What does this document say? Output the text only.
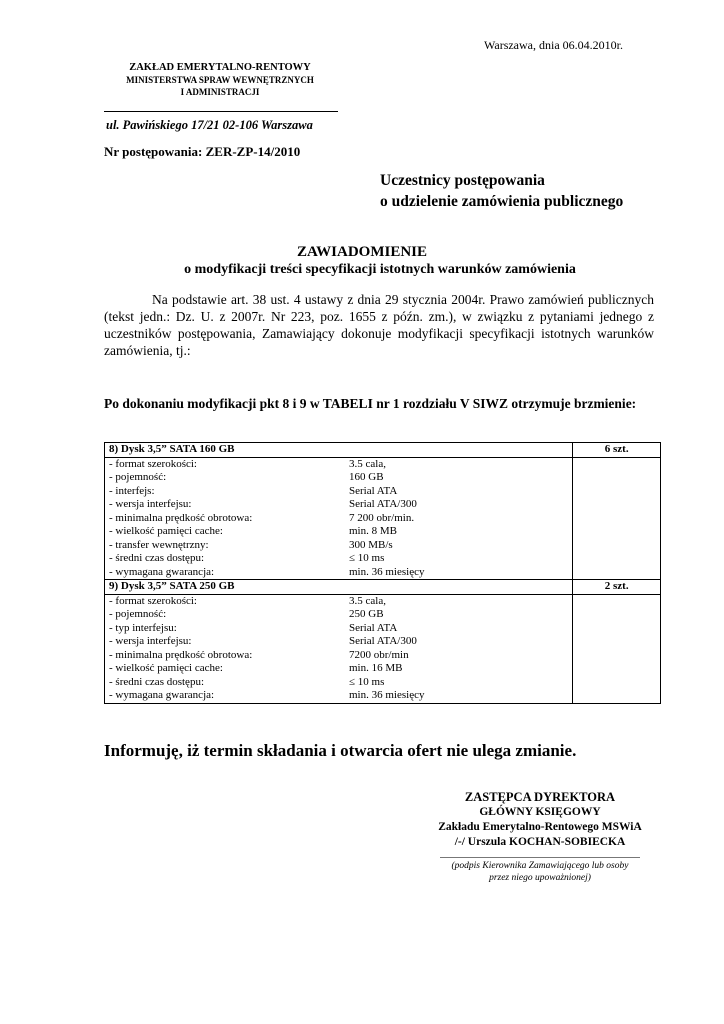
Warszawa, dnia 06.04.2010r.
ZAKŁAD EMERYTALNO-RENTOWY
MINISTERSTWA SPRAW WEWNĘTRZNYCH
I ADMINISTRACJI
ul. Pawińskiego 17/21 02-106 Warszawa
Nr postępowania: ZER-ZP-14/2010
Uczestnicy postępowania
o udzielenie zamówienia publicznego
ZAWIADOMIENIE
o modyfikacji treści specyfikacji istotnych warunków zamówienia
Na podstawie art. 38 ust. 4 ustawy z dnia 29 stycznia 2004r. Prawo zamówień publicznych (tekst jedn.: Dz. U. z 2007r. Nr 223, poz. 1655 z późn. zm.), w związku z pytaniami jednego z uczestników postępowania, Zamawiający dokonuje modyfikacji specyfikacji istotnych warunków zamówienia, tj.:
Po dokonaniu modyfikacji pkt 8 i 9 w TABELI nr 1 rozdziału V SIWZ otrzymuje brzmienie:
8) Dysk 3,5” SATA 160 GB	6 szt.
- format szerokości: 3.5 cala,	
- pojemność: 160 GB	
- interfejs: Serial ATA	
- wersja interfejsu: Serial ATA/300	
- minimalna prędkość obrotowa: 7 200 obr/min.	
- wielkość pamięci cache: min. 8 MB	
- transfer wewnętrzny: 300 MB/s	
- średni czas dostępu: ≤ 10 ms	
- wymagana gwarancja: min. 36 miesięcy	
9) Dysk 3,5” SATA 250 GB	2 szt.
- format szerokości: 3.5 cala,	
- pojemność: 250 GB	
- typ interfejsu: Serial ATA	
- wersja interfejsu: Serial ATA/300	
- minimalna prędkość obrotowa: 7200 obr/min	
- wielkość pamięci cache: min. 16 MB	
- średni czas dostępu: ≤ 10 ms	
- wymagana gwarancja: min. 36 miesięcy	
Informuję, iż termin składania i otwarcia ofert nie ulega zmianie.
ZASTĘPCA DYREKTORA
GŁÓWNY KSIĘGOWY
Zakładu Emerytalno-Rentowego MSWiA
/-/ Urszula KOCHAN-SOBIECKA
(podpis Kierownika Zamawiającego lub osoby
przez niego upoważnionej)
